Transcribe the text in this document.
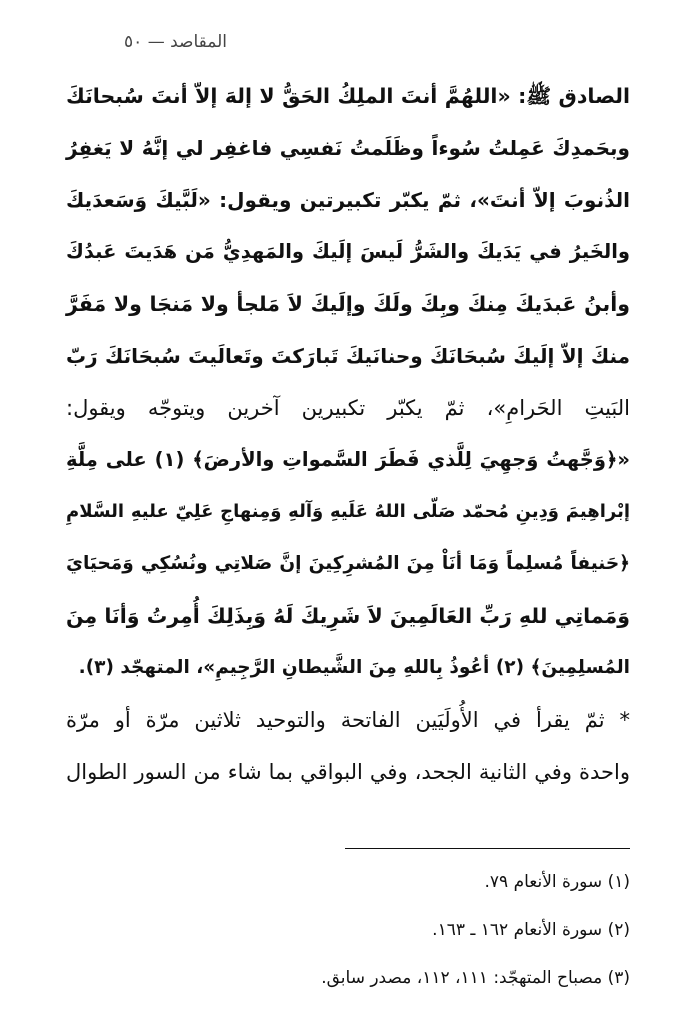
المقاصد — ٥٠
الصادق ﷺ: «اللهُمَّ أنتَ الملِكُ الحَقُّ لا إلهَ إلاّ أنتَ سُبحانَكَ
وبحَمدِكَ عَمِلتُ سُوءاً وظَلَمتُ نَفسِي فاغفِر لي إنَّهُ لا يَغفِرُ
الذُنوبَ إلاّ أنتَ»، ثمّ يكبّر تكبيرتين ويقول: «لَبَّيكَ وَسَعدَيكَ
والخَيرُ في يَدَيكَ والشَرُّ لَيسَ إلَيكَ والمَهدِيُّ مَن هَدَيتَ عَبدُكَ
وأبنُ عَبدَيكَ مِنكَ وبِكَ ولَكَ وإلَيكَ لاَ مَلجأ ولا مَنجَا ولا مَفَرَّ
منكَ إلاّ إلَيكَ سُبحَانَكَ وحنانَيكَ تَبارَكتَ وتَعالَيتَ سُبحَانَكَ رَبّ
البَيتِ الحَرامِ»، ثمّ يكبّر تكبيرين آخرين ويتوجّه ويقول:
«﴿وَجَّهتُ وَجهِيَ لِلَّذي فَطَرَ السَّمواتِ والأرضَ﴾ (١) على مِلَّةِ
إبْراهِيمَ وَدِينِ مُحمّد صَلّى اللهُ عَلَيهِ وَآلهِ وَمِنهاجِ عَلِيّ عليهِ السَّلامِ
﴿حَنيفاً مُسلِماً وَمَا أنَاْ مِنَ المُشرِكِينَ إنَّ صَلاتِي ونُسُكِي وَمَحيَايَ
وَمَماتِي للهِ رَبِّ العَالَمِينَ لاَ شَرِيكَ لَهُ وَبِذَلِكَ أُمِرتُ وَأنَا مِنَ
المُسلِمِينَ﴾ (٢) أعُوذُ بِاللهِ مِنَ الشَّيطانِ الرَّجِيمِ»، المتهجّد (٣).
* ثمّ يقرأ في الأُولَيَين الفاتحة والتوحيد ثلاثين مرّة أو مرّة
واحدة وفي الثانية الجحد، وفي البواقي بما شاء من السور الطوال
(١) سورة الأنعام ٧٩.
(٢) سورة الأنعام ١٦٢ ـ ١٦٣.
(٣) مصباح المتهجّد: ١١١، ١١٢، مصدر سابق.
